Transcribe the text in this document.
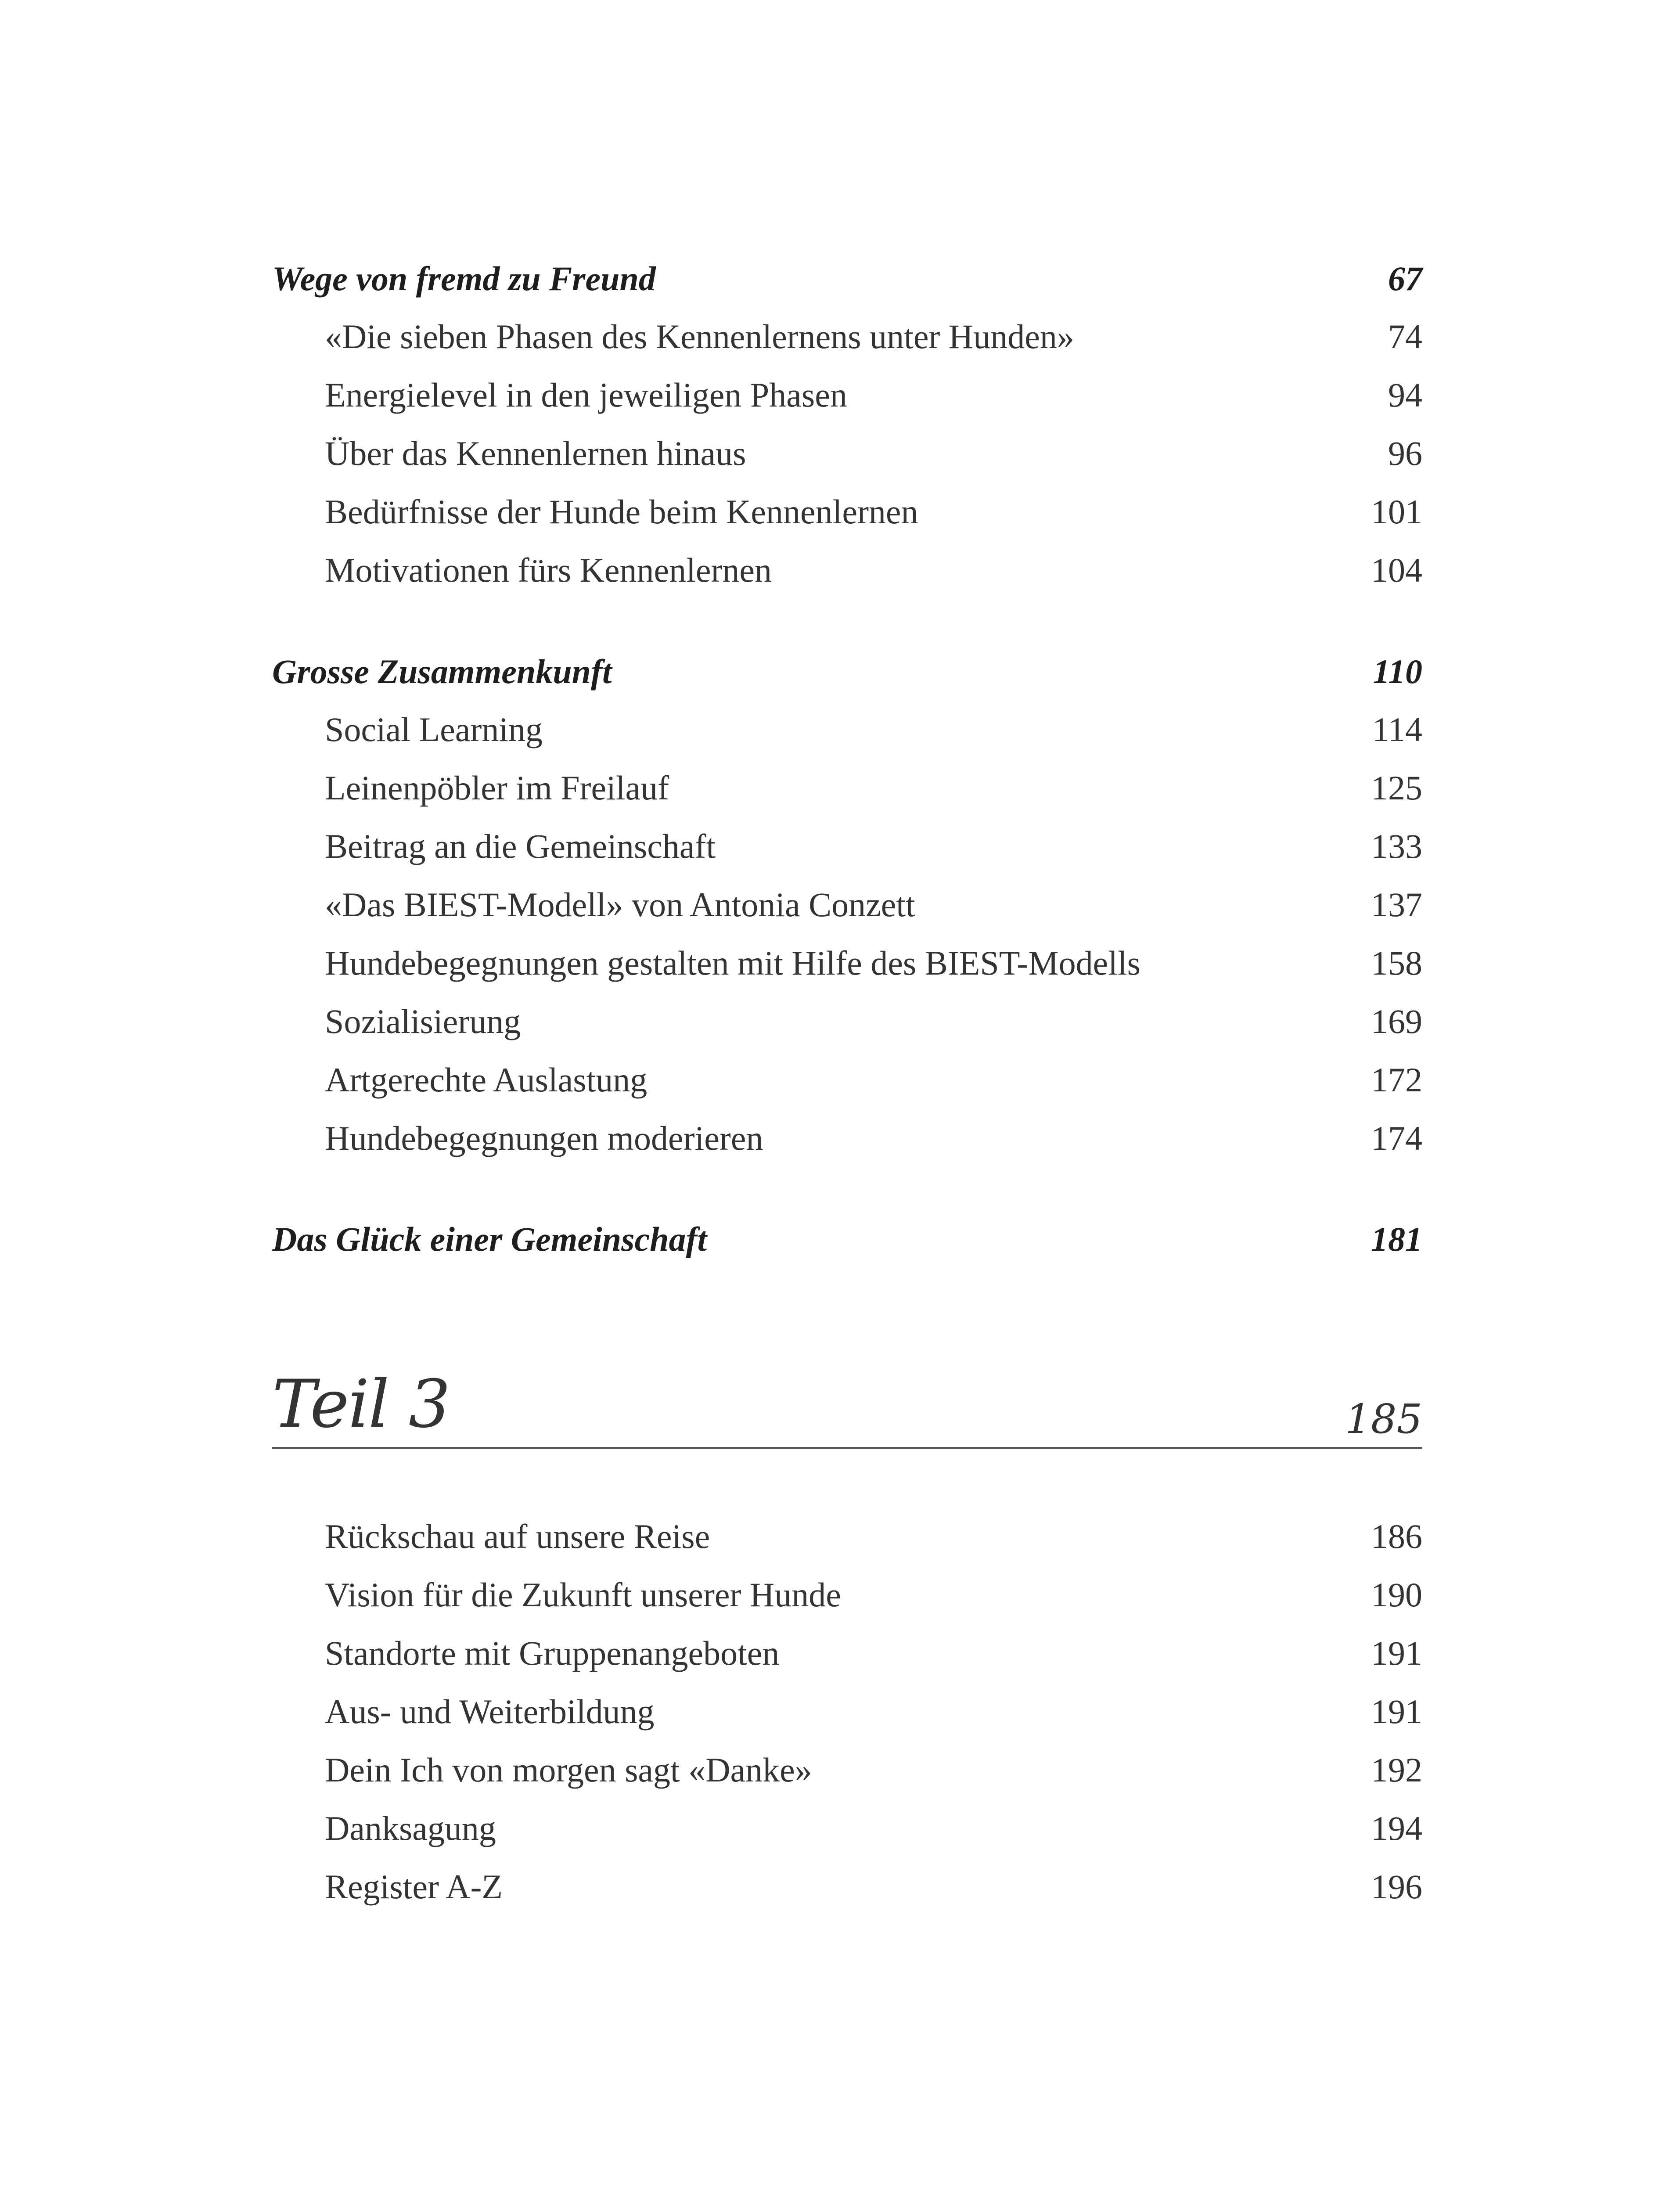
Wege von fremd zu Freund	67
«Die sieben Phasen des Kennenlernens unter Hunden»	74
Energielevel in den jeweiligen Phasen	94
Über das Kennenlernen hinaus	96
Bedürfnisse der Hunde beim Kennenlernen	101
Motivationen fürs Kennenlernen	104
Grosse Zusammenkunft	110
Social Learning	114
Leinenpöbler im Freilauf	125
Beitrag an die Gemeinschaft	133
«Das BIEST-Modell» von Antonia Conzett	137
Hundebegegnungen gestalten mit Hilfe des BIEST-Modells	158
Sozialisierung	169
Artgerechte Auslastung	172
Hundebegegnungen moderieren	174
Das Glück einer Gemeinschaft	181
Teil 3	185
Rückschau auf unsere Reise	186
Vision für die Zukunft unserer Hunde	190
Standorte mit Gruppenangeboten	191
Aus- und Weiterbildung	191
Dein Ich von morgen sagt «Danke»	192
Danksagung	194
Register A-Z	196
